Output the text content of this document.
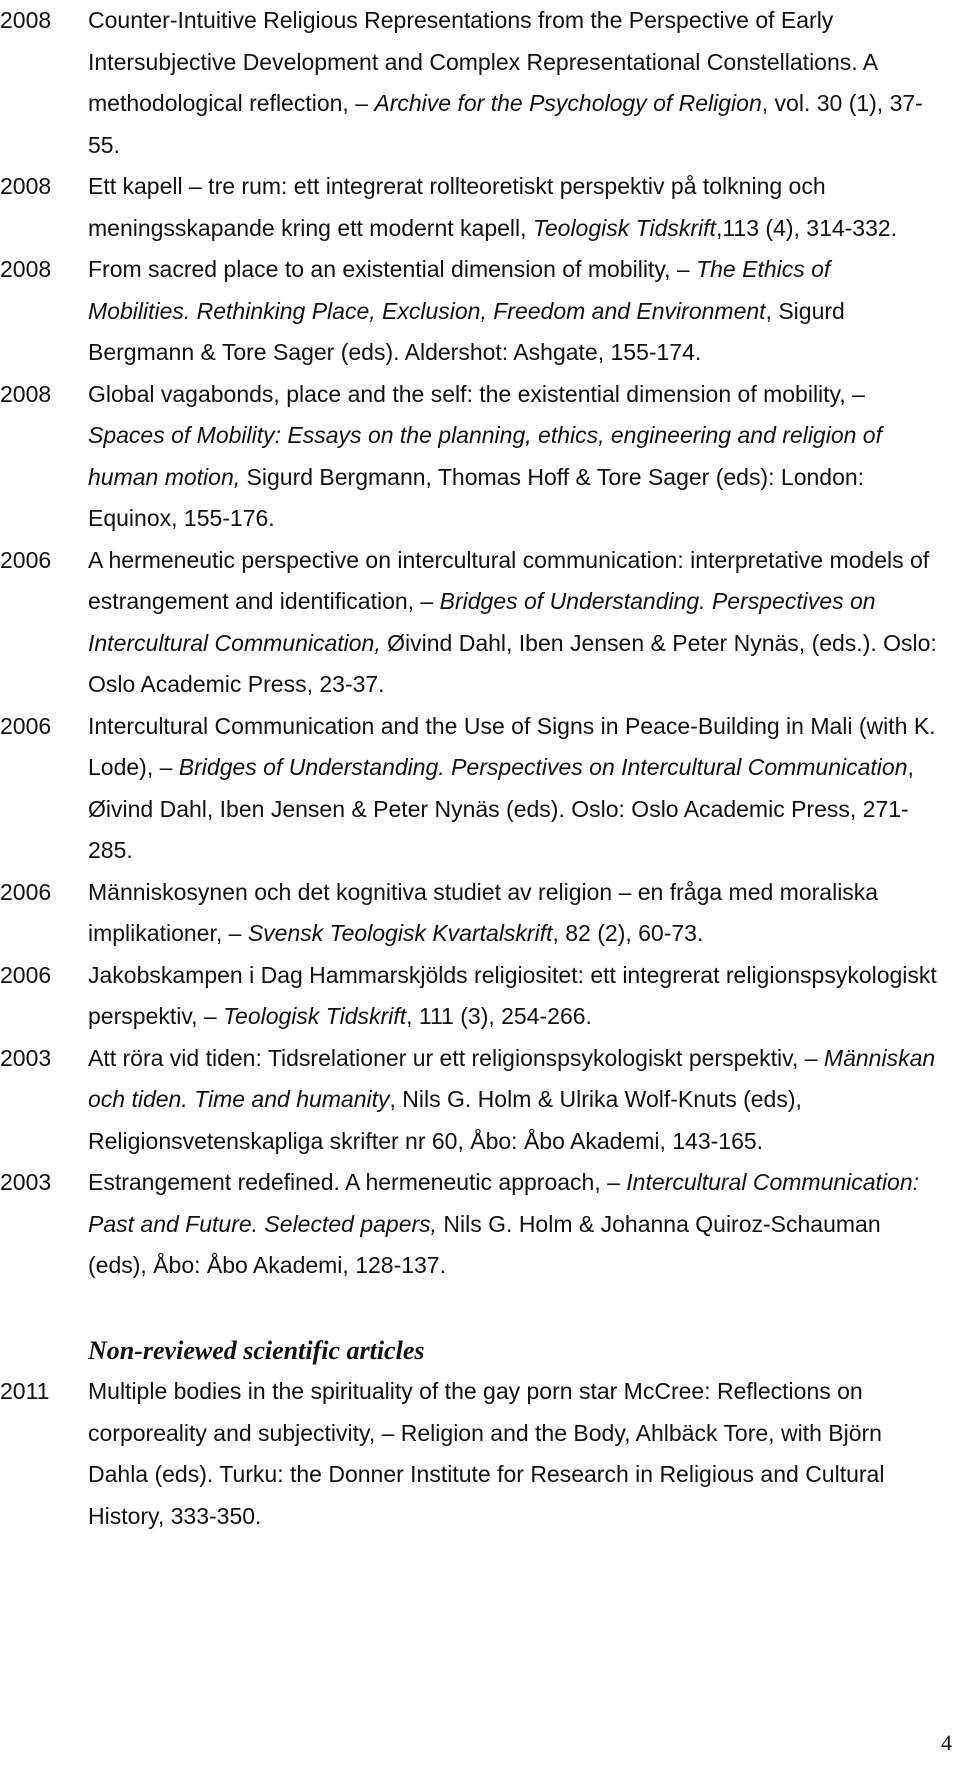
2008	Counter-Intuitive Religious Representations from the Perspective of Early Intersubjective Development and Complex Representational Constellations. A methodological reflection, – Archive for the Psychology of Religion, vol. 30 (1), 37-55.
2008	Ett kapell – tre rum: ett integrerat rollteoretiskt perspektiv på tolkning och meningsskapande kring ett modernt kapell, Teologisk Tidskrift,113 (4), 314-332.
2008	From sacred place to an existential dimension of mobility, – The Ethics of Mobilities. Rethinking Place, Exclusion, Freedom and Environment, Sigurd Bergmann & Tore Sager (eds). Aldershot: Ashgate, 155-174.
2008	Global vagabonds, place and the self: the existential dimension of mobility, – Spaces of Mobility: Essays on the planning, ethics, engineering and religion of human motion, Sigurd Bergmann, Thomas Hoff & Tore Sager (eds): London: Equinox, 155-176.
2006	A hermeneutic perspective on intercultural communication: interpretative models of estrangement and identification, – Bridges of Understanding. Perspectives on Intercultural Communication, Øivind Dahl, Iben Jensen & Peter Nynäs, (eds.). Oslo: Oslo Academic Press, 23-37.
2006	Intercultural Communication and the Use of Signs in Peace-Building in Mali (with K. Lode), – Bridges of Understanding. Perspectives on Intercultural Communication, Øivind Dahl, Iben Jensen & Peter Nynäs (eds). Oslo: Oslo Academic Press, 271-285.
2006	Människosynen och det kognitiva studiet av religion – en fråga med moraliska implikationer, – Svensk Teologisk Kvartalskrift, 82 (2), 60-73.
2006	Jakobskampen i Dag Hammarskjölds religiositet: ett integrerat religionspsykologiskt perspektiv, – Teologisk Tidskrift, 111 (3), 254-266.
2003	Att röra vid tiden: Tidsrelationer ur ett religionspsykologiskt perspektiv, – Människan och tiden. Time and humanity, Nils G. Holm & Ulrika Wolf-Knuts (eds), Religionsvetenskapliga skrifter nr 60, Åbo: Åbo Akademi, 143-165.
2003	Estrangement redefined. A hermeneutic approach, – Intercultural Communication: Past and Future. Selected papers, Nils G. Holm & Johanna Quiroz-Schauman (eds), Åbo: Åbo Akademi, 128-137.
Non-reviewed scientific articles
2011	Multiple bodies in the spirituality of the gay porn star McCree: Reflections on corporeality and subjectivity, – Religion and the Body, Ahlbäck Tore, with Björn Dahla (eds). Turku: the Donner Institute for Research in Religious and Cultural History, 333-350.
4
